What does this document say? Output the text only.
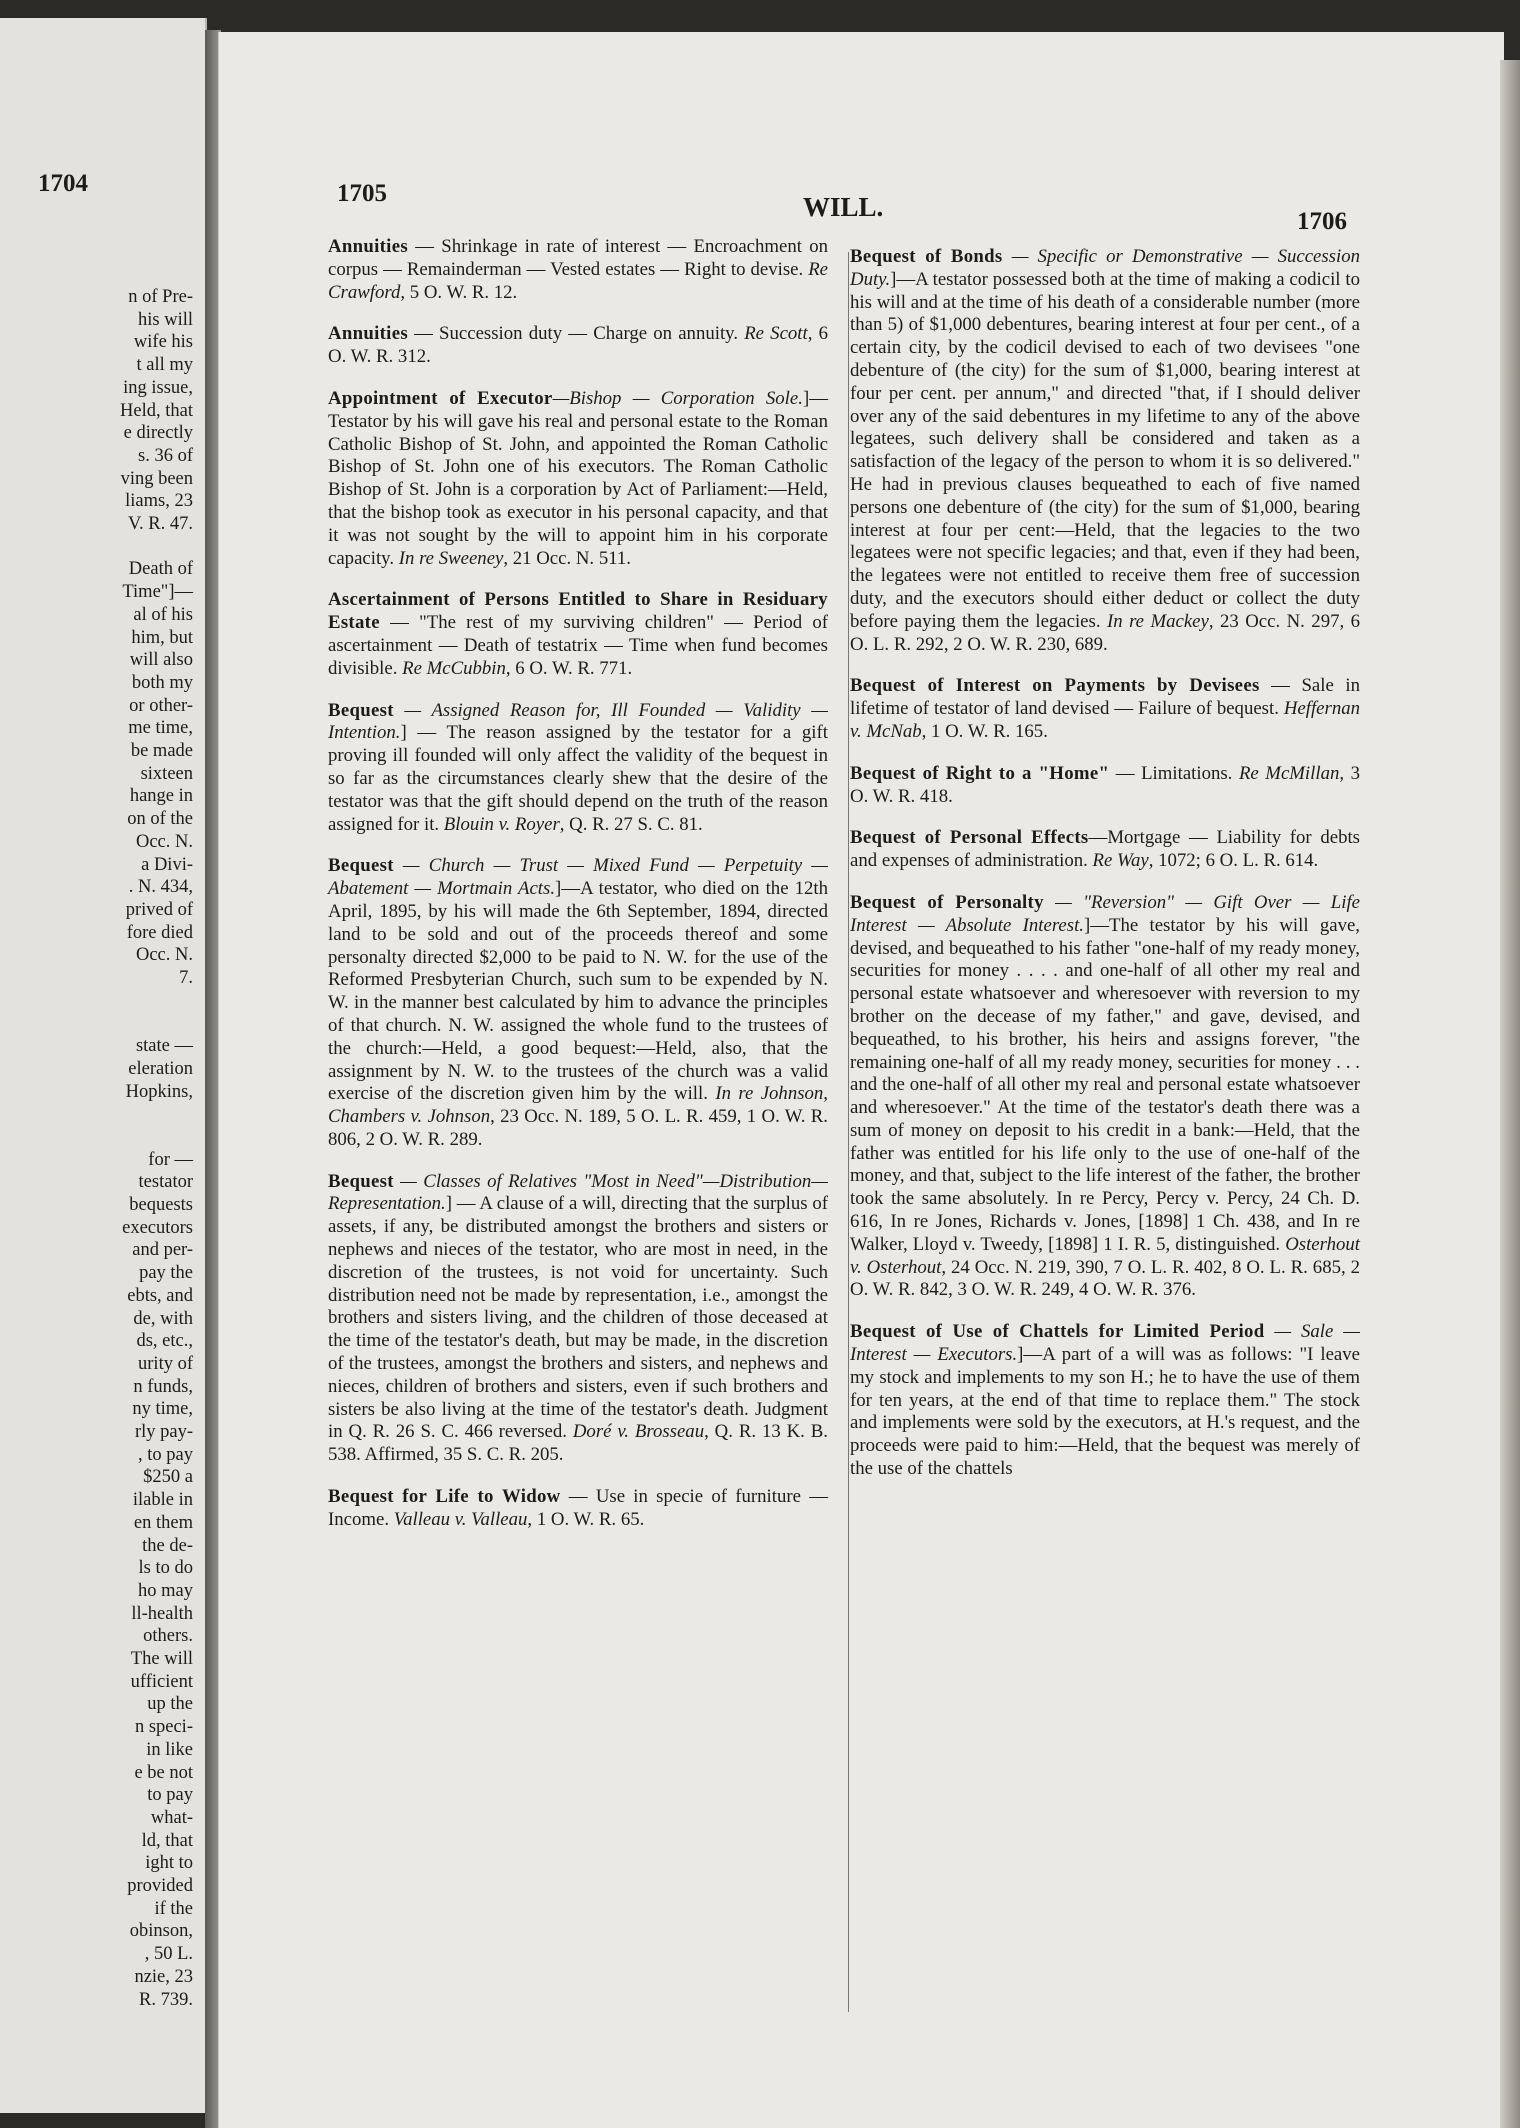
1704
n of Pre-
his will
wife his
t all my
ing issue,
Held, that
e directly
s. 36 of
ving been
liams, 23
V. R. 47.
Death of
Time"]—
al of his
him, but
will also
both my
or other-
me time,
be made
sixteen
hange in
on of the
Occ. N.
a Divi-
. N. 434,
prived of
fore died
Occ. N.
7.
state —
eleration
Hopkins,
for —
testator
bequests
executors
and per-
pay the
ebts, and
de, with
ds, etc.,
urity of
n funds,
ny time,
rly pay-
, to pay
$250 a
ilable in
en them
the de-
ls to do
ho may
ll-health
others.
The will
ufficient
up the
n speci-
in like
e be not
to pay
what-
ld, that
ight to
provided
if the
obinson,
, 50 L.
nzie, 23
R. 739.
1705	WILL.	1706

Annuities — Shrinkage in rate of interest — Encroachment on corpus — Remainderman — Vested estates — Right to devise. Re Crawford, 5 O. W. R. 12.

Annuities — Succession duty — Charge on annuity. Re Scott, 6 O. W. R. 312.

Appointment of Executor—Bishop — Corporation Sole.]—Testator by his will gave his real and personal estate to the Roman Catholic Bishop of St. John, and appointed the Roman Catholic Bishop of St. John one of his executors. The Roman Catholic Bishop of St. John is a corporation by Act of Parliament:—Held, that the bishop took as executor in his personal capacity, and that it was not sought by the will to appoint him in his corporate capacity. In re Sweeney, 21 Occ. N. 511.

Ascertainment of Persons Entitled to Share in Residuary Estate — "The rest of my surviving children" — Period of ascertainment — Death of testatrix — Time when fund becomes divisible. Re McCubbin, 6 O. W. R. 771.

Bequest — Assigned Reason for, Ill Founded — Validity — Intention.] — The reason assigned by the testator for a gift proving ill founded will only affect the validity of the bequest in so far as the circumstances clearly shew that the desire of the testator was that the gift should depend on the truth of the reason assigned for it. Blouin v. Royer, Q. R. 27 S. C. 81.

Bequest — Church — Trust — Mixed Fund — Perpetuity — Abatement — Mortmain Acts.]—A testator, who died on the 12th April, 1895, by his will made the 6th September, 1894, directed land to be sold and out of the proceeds thereof and some personalty directed $2,000 to be paid to N. W. for the use of the Reformed Presbyterian Church, such sum to be expended by N. W. in the manner best calculated by him to advance the principles of that church. N. W. assigned the whole fund to the trustees of the church:—Held, a good bequest:—Held, also, that the assignment by N. W. to the trustees of the church was a valid exercise of the discretion given him by the will. In re Johnson, Chambers v. Johnson, 23 Occ. N. 189, 5 O. L. R. 459, 1 O. W. R. 806, 2 O. W. R. 289.

Bequest — Classes of Relatives "Most in Need"—Distribution—Representation.] — A clause of a will, directing that the surplus of assets, if any, be distributed amongst the brothers and sisters or nephews and nieces of the testator, who are most in need, in the discretion of the trustees, is not void for uncertainty. Such distribution need not be made by representation, i.e., amongst the brothers and sisters living, and the children of those deceased at the time of the testator's death, but may be made, in the discretion of the trustees, amongst the brothers and sisters, and nephews and nieces, children of brothers and sisters, even if such brothers and sisters be also living at the time of the testator's death. Judgment in Q. R. 26 S. C. 466 reversed. Doré v. Brosseau, Q. R. 13 K. B. 538. Affirmed, 35 S. C. R. 205.

Bequest for Life to Widow — Use in specie of furniture — Income. Valleau v. Valleau, 1 O. W. R. 65.

Bequest of Bonds — Specific or Demonstrative — Succession Duty.]—A testator possessed both at the time of making a codicil to his will and at the time of his death of a considerable number (more than 5) of $1,000 debentures, bearing interest at four per cent., of a certain city, by the codicil devised to each of two devisees "one debenture of (the city) for the sum of $1,000, bearing interest at four per cent. per annum," and directed "that, if I should deliver over any of the said debentures in my lifetime to any of the above legatees, such delivery shall be considered and taken as a satisfaction of the legacy of the person to whom it is so delivered." He had in previous clauses bequeathed to each of five named persons one debenture of (the city) for the sum of $1,000, bearing interest at four per cent:—Held, that the legacies to the two legatees were not specific legacies; and that, even if they had been, the legatees were not entitled to receive them free of succession duty, and the executors should either deduct or collect the duty before paying them the legacies. In re Mackey, 23 Occ. N. 297, 6 O. L. R. 292, 2 O. W. R. 230, 689.

Bequest of Interest on Payments by Devisees — Sale in lifetime of testator of land devised — Failure of bequest. Heffernan v. McNab, 1 O. W. R. 165.

Bequest of Right to a "Home" — Limitations. Re McMillan, 3 O. W. R. 418.

Bequest of Personal Effects—Mortgage — Liability for debts and expenses of administration. Re Way, 1072; 6 O. L. R. 614.

Bequest of Personalty — "Reversion" — Gift Over — Life Interest — Absolute Interest.]—The testator by his will gave, devised, and bequeathed to his father "one-half of my ready money, securities for money . . . . and one-half of all other my real and personal estate whatsoever and wheresoever with reversion to my brother on the decease of my father," and gave, devised, and bequeathed, to his brother, his heirs and assigns forever, "the remaining one-half of all my ready money, securities for money . . . and the one-half of all other my real and personal estate whatsoever and wheresoever." At the time of the testator's death there was a sum of money on deposit to his credit in a bank:—Held, that the father was entitled for his life only to the use of one-half of the money, and that, subject to the life interest of the father, the brother took the same absolutely. In re Percy, Percy v. Percy, 24 Ch. D. 616, In re Jones, Richards v. Jones, [1898] 1 Ch. 438, and In re Walker, Lloyd v. Tweedy, [1898] 1 I. R. 5, distinguished. Osterhout v. Osterhout, 24 Occ. N. 219, 390, 7 O. L. R. 402, 8 O. L. R. 685, 2 O. W. R. 842, 3 O. W. R. 249, 4 O. W. R. 376.

Bequest of Use of Chattels for Limited Period — Sale — Interest — Executors.]—A part of a will was as follows: "I leave my stock and implements to my son H.; he to have the use of them for ten years, at the end of that time to replace them." The stock and implements were sold by the executors, at H.'s request, and the proceeds were paid to him:—Held, that the bequest was merely of the use of the chattels
